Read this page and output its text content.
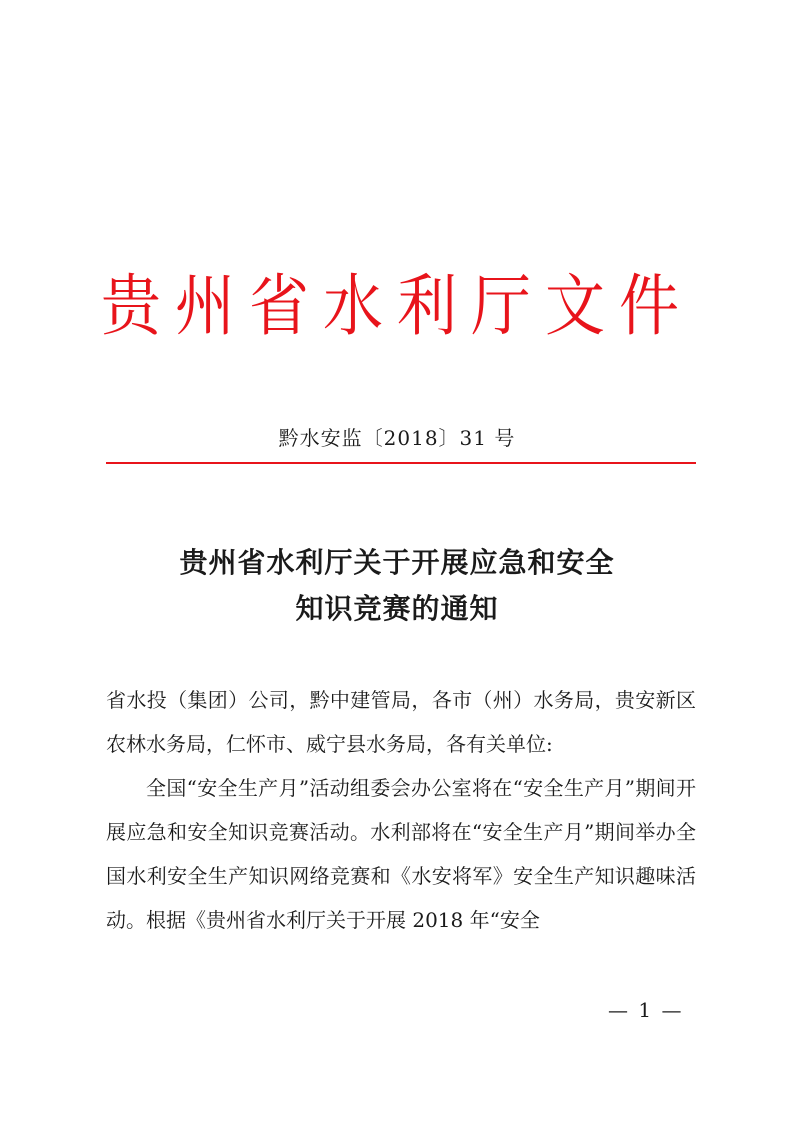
贵州省水利厅文件
黔水安监〔2018〕31 号
贵州省水利厅关于开展应急和安全
知识竞赛的通知

省水投（集团）公司，黔中建管局，各市（州）水务局，贵安新区农林水务局，仁怀市、威宁县水务局，各有关单位:

全国“安全生产月”活动组委会办公室将在“安全生产月”期间开展应急和安全知识竞赛活动。水利部将在“安全生产月”期间举办全国水利安全生产知识网络竞赛和《水安将军》安全生产知识趣味活动。根据《贵州省水利厅关于开展 2018 年“安全

— 1 —
